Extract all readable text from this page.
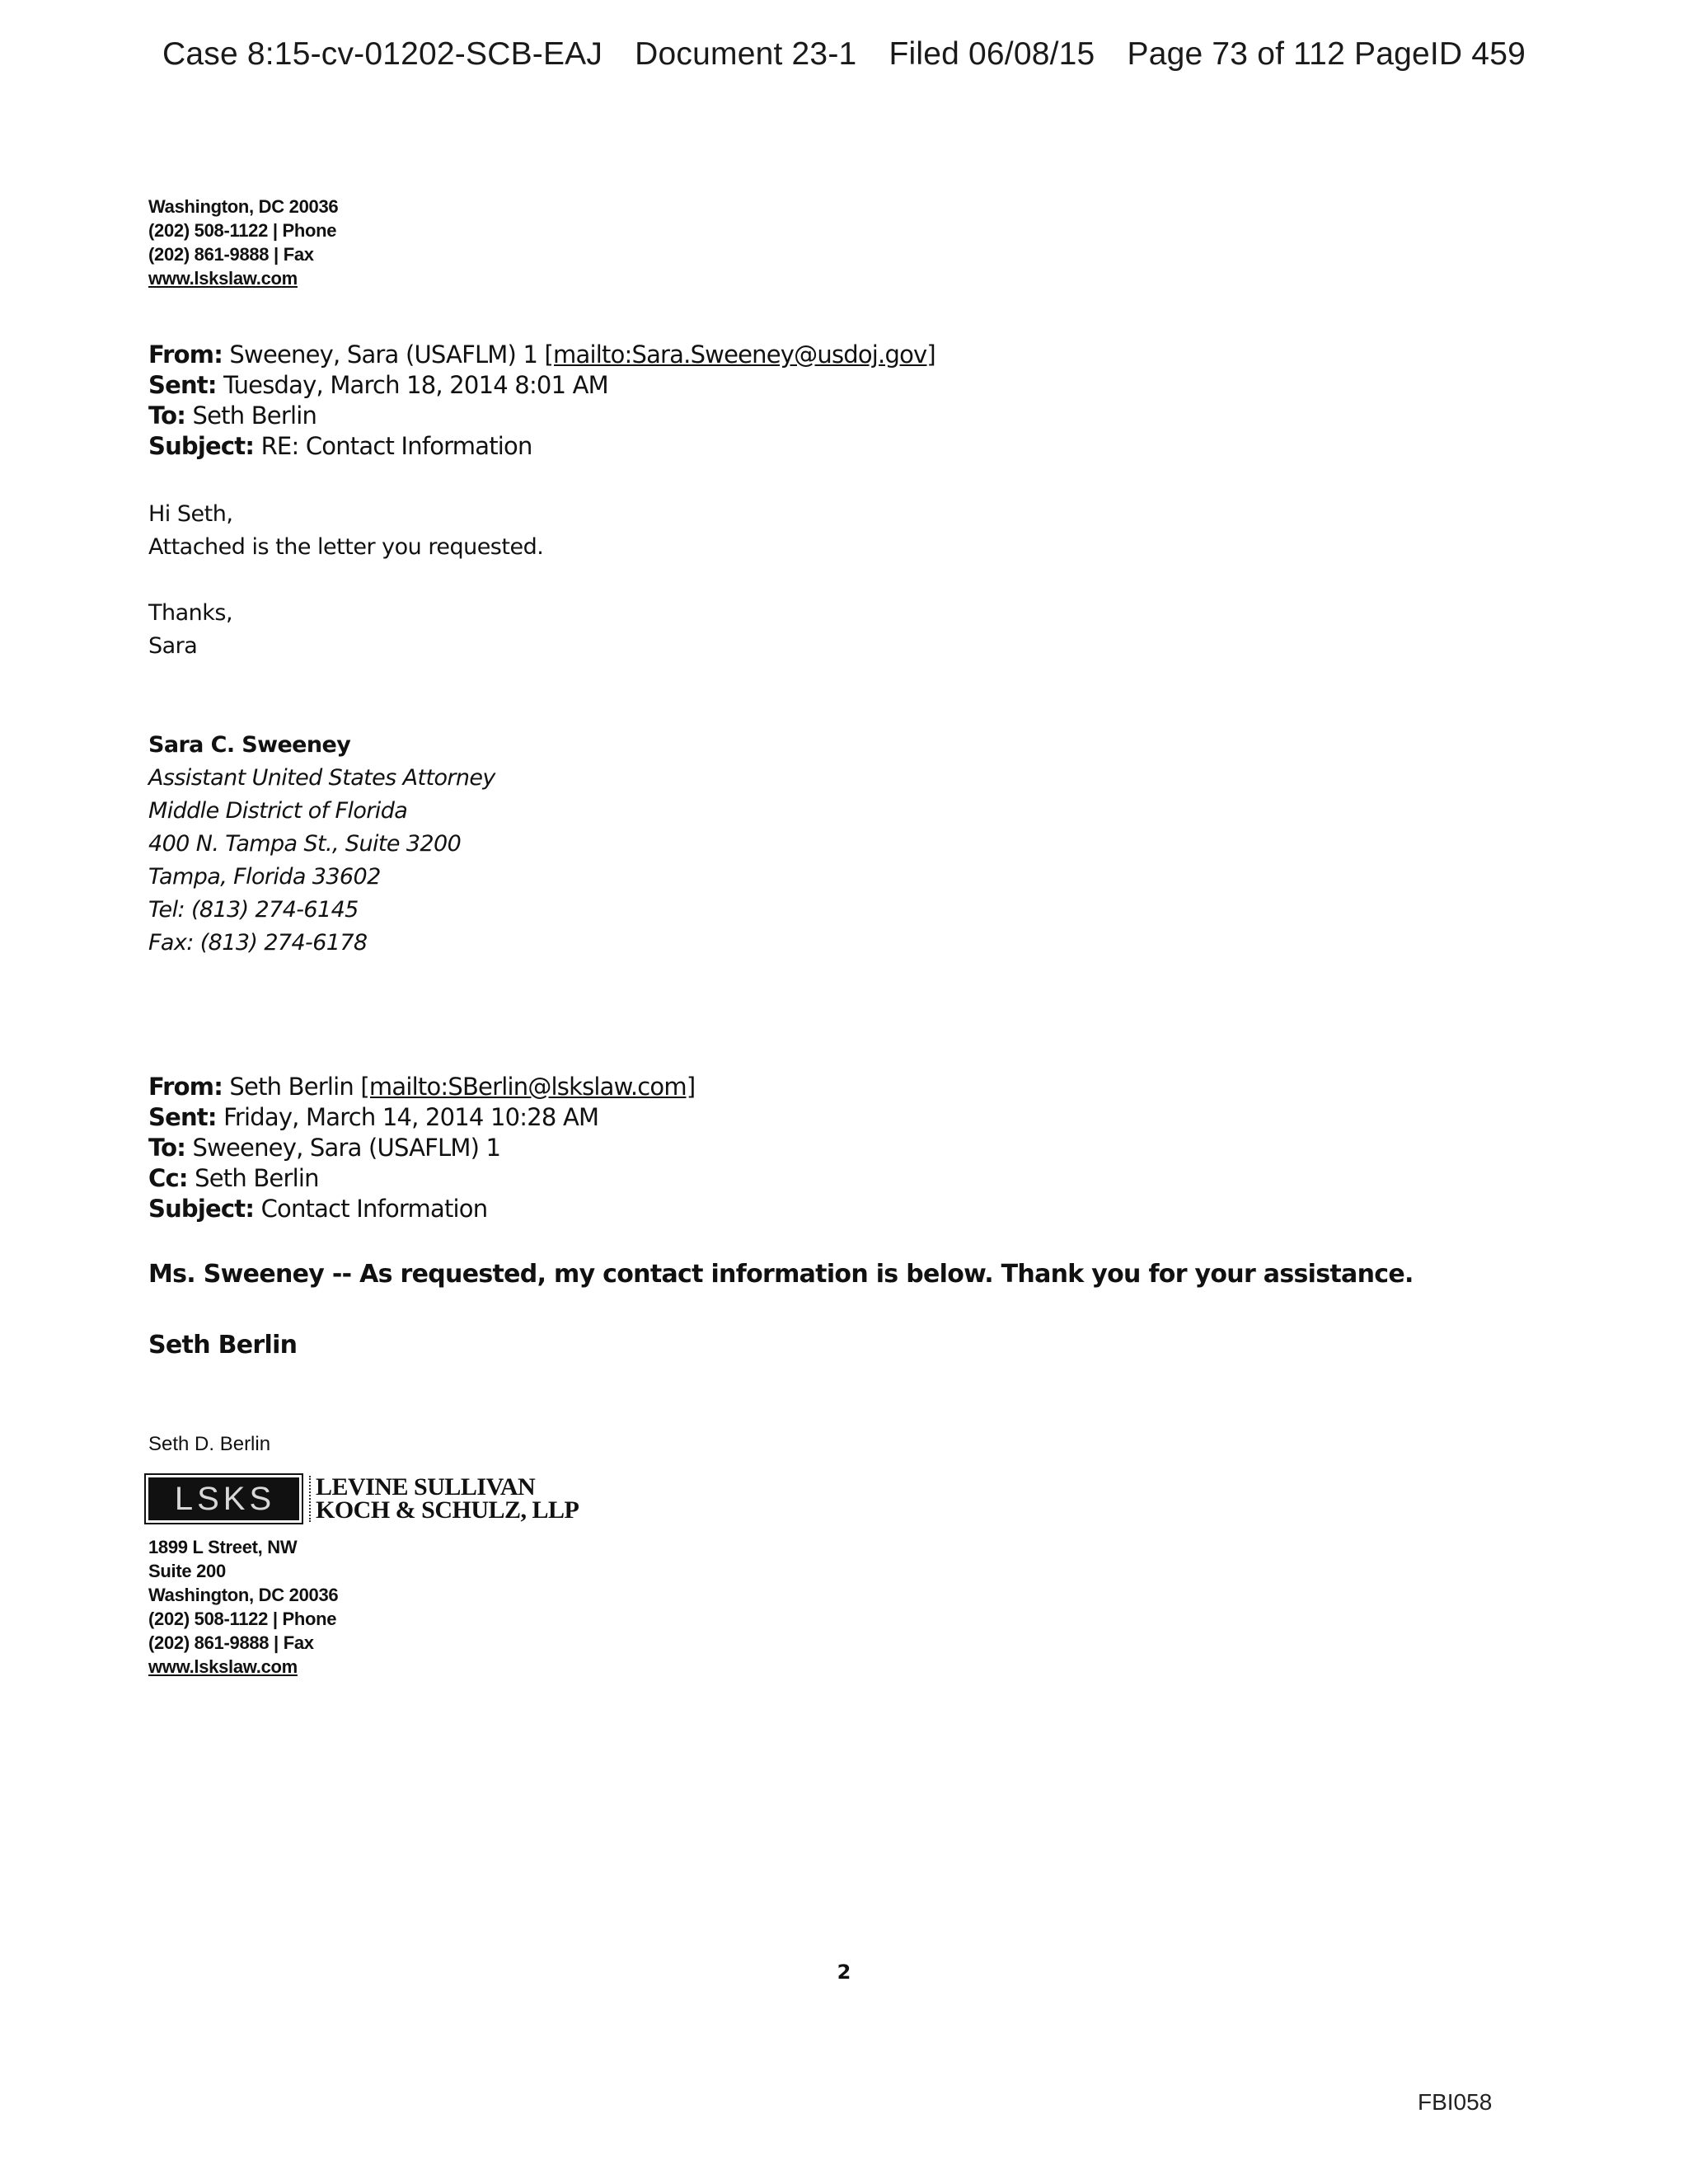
Case 8:15-cv-01202-SCB-EAJ Document 23-1 Filed 06/08/15 Page 73 of 112 PageID 459
Washington, DC 20036
(202) 508-1122 | Phone
(202) 861-9888 | Fax
www.lskslaw.com
From: Sweeney, Sara (USAFLM) 1 [mailto:Sara.Sweeney@usdoj.gov]
Sent: Tuesday, March 18, 2014 8:01 AM
To: Seth Berlin
Subject: RE: Contact Information
Hi Seth,
Attached is the letter you requested.
Thanks,
Sara
Sara C. Sweeney
Assistant United States Attorney
Middle District of Florida
400 N. Tampa St., Suite 3200
Tampa, Florida 33602
Tel: (813) 274-6145
Fax: (813) 274-6178
From: Seth Berlin [mailto:SBerlin@lskslaw.com]
Sent: Friday, March 14, 2014 10:28 AM
To: Sweeney, Sara (USAFLM) 1
Cc: Seth Berlin
Subject: Contact Information
Ms. Sweeney -- As requested, my contact information is below. Thank you for your assistance.
Seth Berlin
Seth D. Berlin
LSKS	LEVINE SULLIVAN
KOCH & SCHULZ, LLP
1899 L Street, NW
Suite 200
Washington, DC 20036
(202) 508-1122 | Phone
(202) 861-9888 | Fax
www.lskslaw.com
2
FBI058
